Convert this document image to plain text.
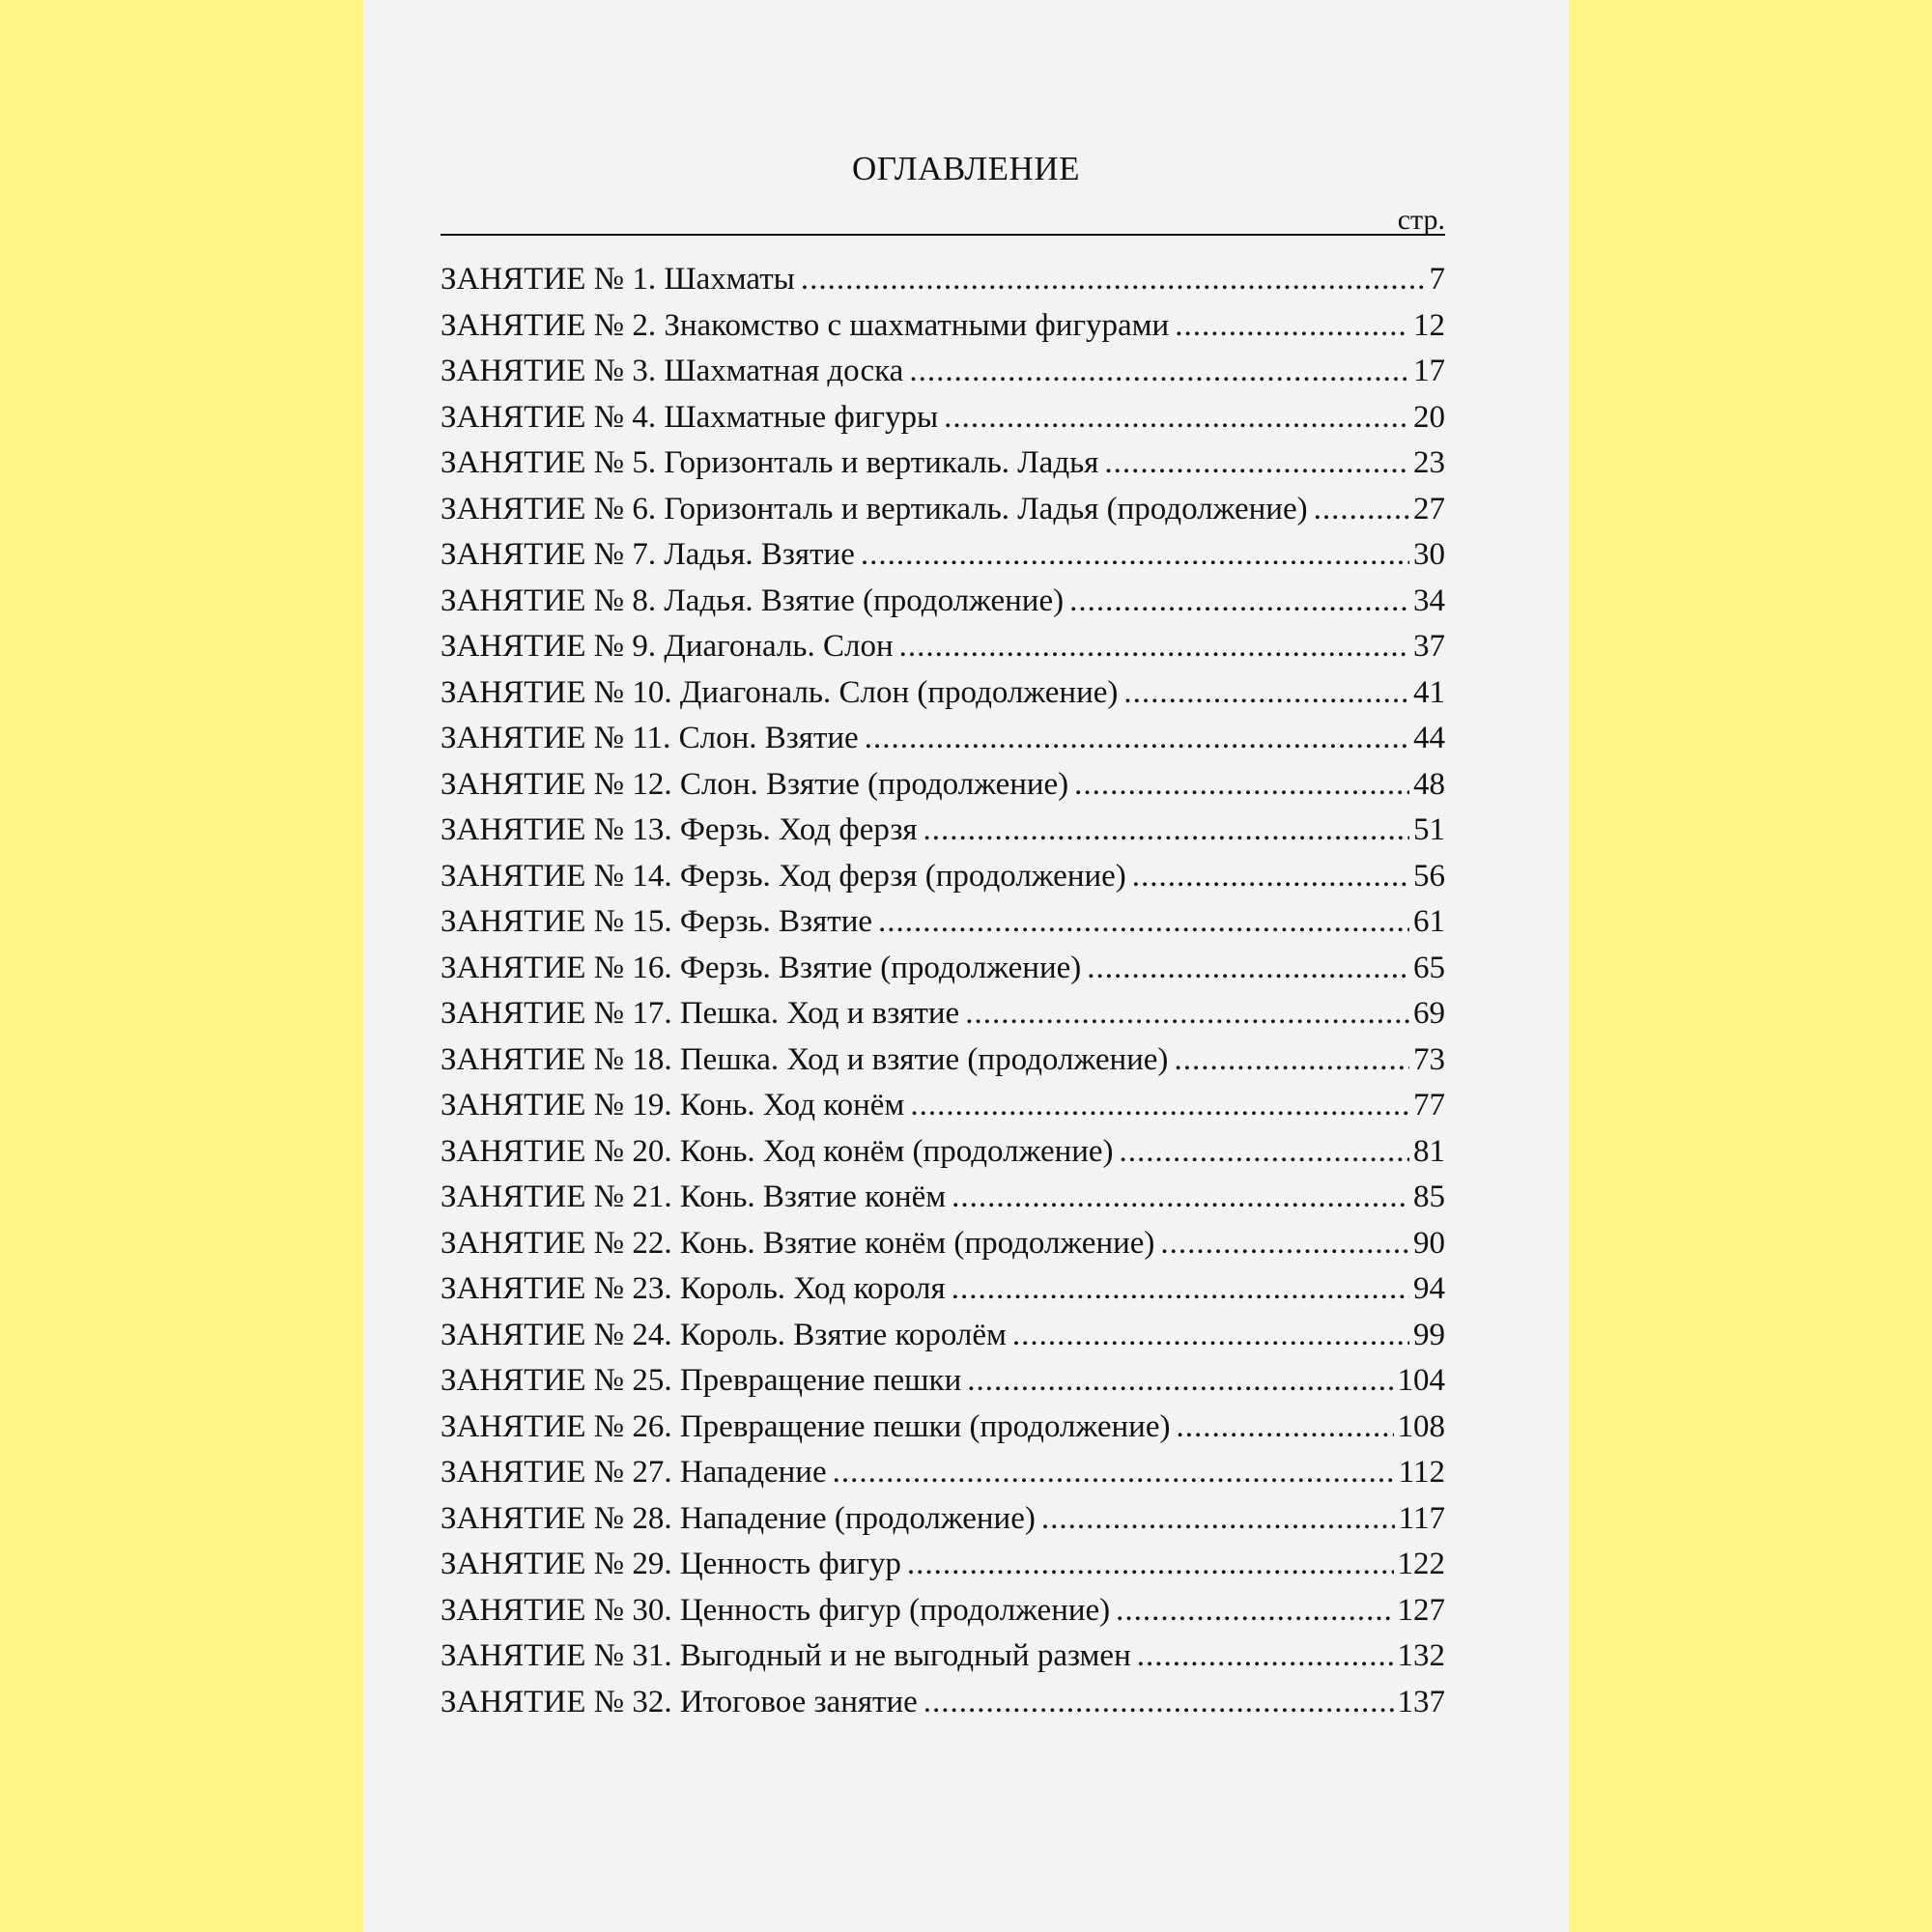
ОГЛАВЛЕНИЕ
стр.
ЗАНЯТИЕ № 1. Шахматы .....	7
ЗАНЯТИЕ № 2. Знакомство с шахматными фигурами .....	12
ЗАНЯТИЕ № 3. Шахматная доска .....	17
ЗАНЯТИЕ № 4. Шахматные фигуры .....	20
ЗАНЯТИЕ № 5. Горизонталь и вертикаль. Ладья .....	23
ЗАНЯТИЕ № 6. Горизонталь и вертикаль. Ладья (продолжение) .....	27
ЗАНЯТИЕ № 7. Ладья. Взятие .....	30
ЗАНЯТИЕ № 8. Ладья. Взятие (продолжение) .....	34
ЗАНЯТИЕ № 9. Диагональ. Слон .....	37
ЗАНЯТИЕ № 10. Диагональ. Слон (продолжение) .....	41
ЗАНЯТИЕ № 11. Слон. Взятие .....	44
ЗАНЯТИЕ № 12. Слон. Взятие (продолжение) .....	48
ЗАНЯТИЕ № 13. Ферзь. Ход ферзя .....	51
ЗАНЯТИЕ № 14. Ферзь. Ход ферзя (продолжение) .....	56
ЗАНЯТИЕ № 15. Ферзь. Взятие .....	61
ЗАНЯТИЕ № 16. Ферзь. Взятие (продолжение) .....	65
ЗАНЯТИЕ № 17. Пешка. Ход и взятие .....	69
ЗАНЯТИЕ № 18. Пешка. Ход и взятие (продолжение) .....	73
ЗАНЯТИЕ № 19. Конь. Ход конём .....	77
ЗАНЯТИЕ № 20. Конь. Ход конём (продолжение) .....	81
ЗАНЯТИЕ № 21. Конь. Взятие конём .....	85
ЗАНЯТИЕ № 22. Конь. Взятие конём (продолжение) .....	90
ЗАНЯТИЕ № 23. Король. Ход короля .....	94
ЗАНЯТИЕ № 24. Король. Взятие королём .....	99
ЗАНЯТИЕ № 25. Превращение пешки .....	104
ЗАНЯТИЕ № 26. Превращение пешки (продолжение) .....	108
ЗАНЯТИЕ № 27. Нападение .....	112
ЗАНЯТИЕ № 28. Нападение (продолжение) .....	117
ЗАНЯТИЕ № 29. Ценность фигур .....	122
ЗАНЯТИЕ № 30. Ценность фигур (продолжение) .....	127
ЗАНЯТИЕ № 31. Выгодный и не выгодный размен .....	132
ЗАНЯТИЕ № 32. Итоговое занятие .....	137
